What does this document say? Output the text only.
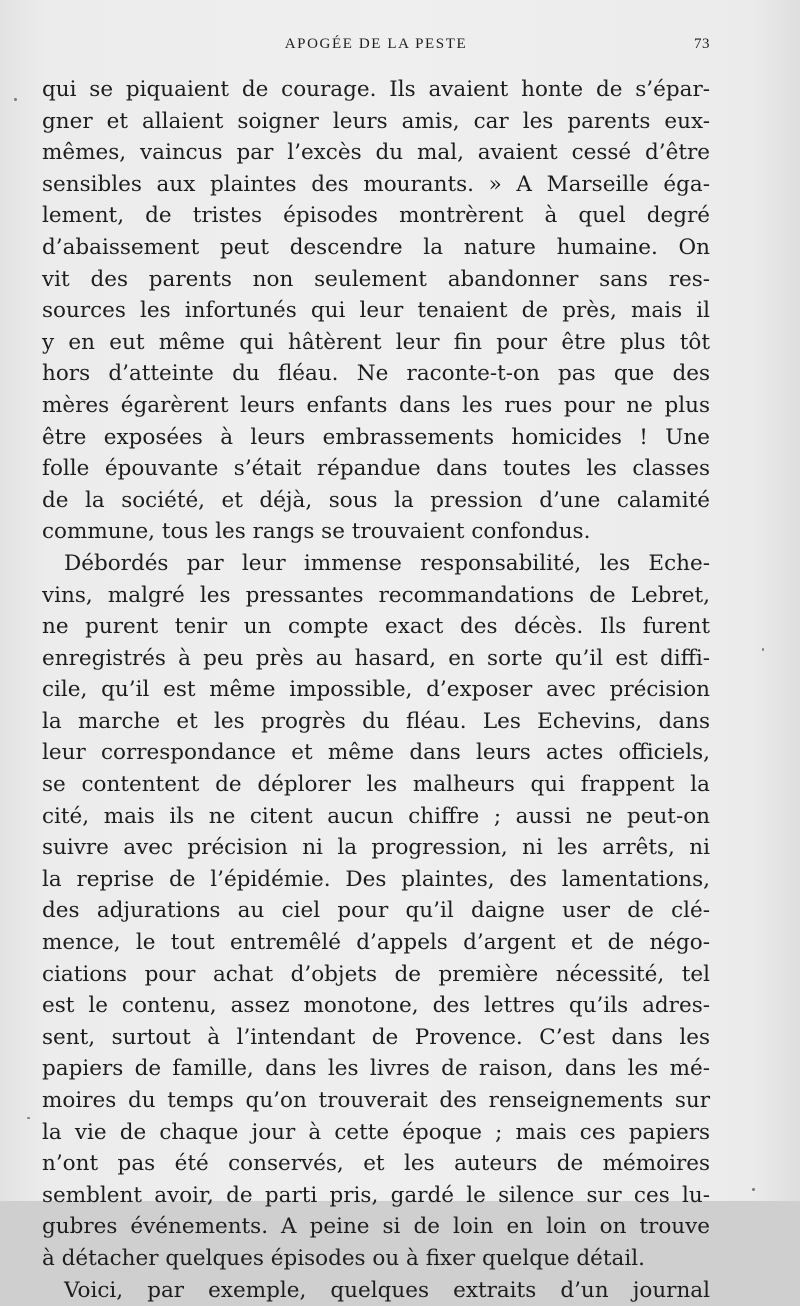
APOGÉE DE LA PESTE	73
qui se piquaient de courage. Ils avaient honte de s’épar-
gner et allaient soigner leurs amis, car les parents eux-
mêmes, vaincus par l’excès du mal, avaient cessé d’être
sensibles aux plaintes des mourants. » A Marseille éga-
lement, de tristes épisodes montrèrent à quel degré
d’abaissement peut descendre la nature humaine. On
vit des parents non seulement abandonner sans res-
sources les infortunés qui leur tenaient de près, mais il
y en eut même qui hâtèrent leur fin pour être plus tôt
hors d’atteinte du fléau. Ne raconte-t-on pas que des
mères égarèrent leurs enfants dans les rues pour ne plus
être exposées à leurs embrassements homicides ! Une
folle épouvante s’était répandue dans toutes les classes
de la société, et déjà, sous la pression d’une calamité
commune, tous les rangs se trouvaient confondus.
Débordés par leur immense responsabilité, les Eche-
vins, malgré les pressantes recommandations de Lebret,
ne purent tenir un compte exact des décès. Ils furent
enregistrés à peu près au hasard, en sorte qu’il est diffi-
cile, qu’il est même impossible, d’exposer avec précision
la marche et les progrès du fléau. Les Echevins, dans
leur correspondance et même dans leurs actes officiels,
se contentent de déplorer les malheurs qui frappent la
cité, mais ils ne citent aucun chiffre ; aussi ne peut-on
suivre avec précision ni la progression, ni les arrêts, ni
la reprise de l’épidémie. Des plaintes, des lamentations,
des adjurations au ciel pour qu’il daigne user de clé-
mence, le tout entremêlé d’appels d’argent et de négo-
ciations pour achat d’objets de première nécessité, tel
est le contenu, assez monotone, des lettres qu’ils adres-
sent, surtout à l’intendant de Provence. C’est dans les
papiers de famille, dans les livres de raison, dans les mé-
moires du temps qu’on trouverait des renseignements sur
la vie de chaque jour à cette époque ; mais ces papiers
n’ont pas été conservés, et les auteurs de mémoires
semblent avoir, de parti pris, gardé le silence sur ces lu-
gubres événements. A peine si de loin en loin on trouve
à détacher quelques épisodes ou à fixer quelque détail.
Voici, par exemple, quelques extraits d’un journal
